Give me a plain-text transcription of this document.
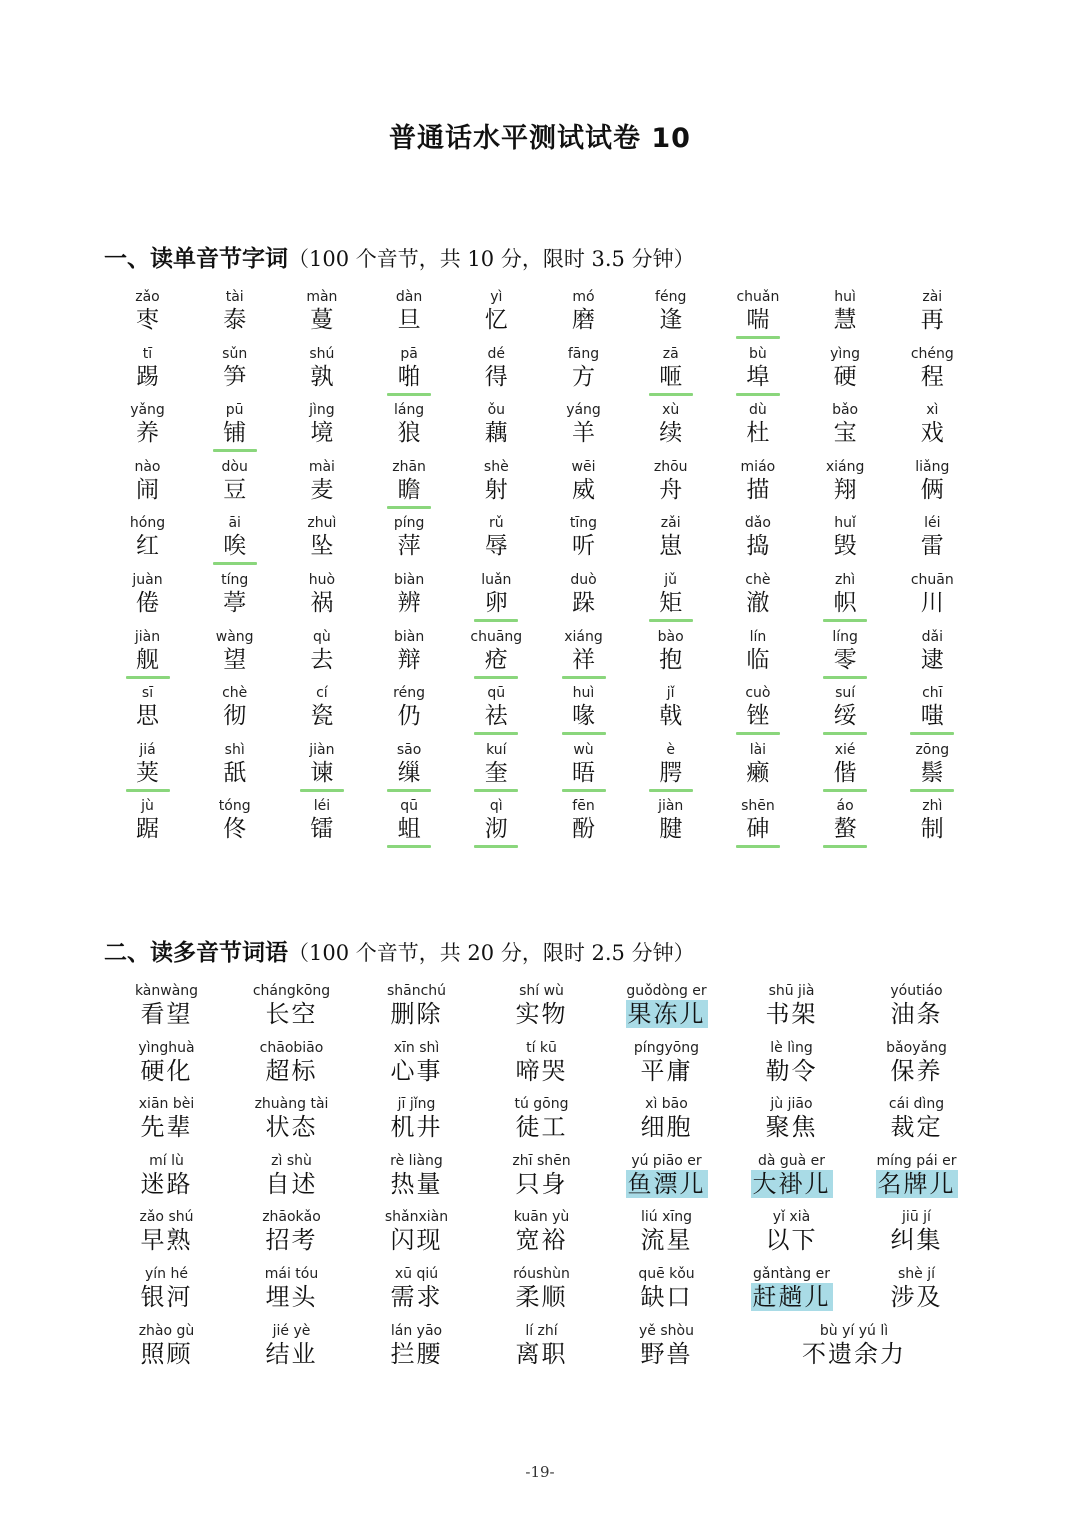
普通话水平测试试卷 10
一、读单音节字词（100 个音节，共 10 分，限时 3.5 分钟）
zǎo
枣
tài
泰
màn
蔓
dàn
旦
yì
忆
mó
磨
féng
逢
chuǎn
喘
huì
慧
zài
再
tī
踢
sǔn
笋
shú
孰
pā
啪
dé
得
fāng
方
zā
咂
bù
埠
yìng
硬
chéng
程
yǎng
养
pū
铺
jìng
境
láng
狼
ǒu
藕
yáng
羊
xù
续
dù
杜
bǎo
宝
xì
戏
nào
闹
dòu
豆
mài
麦
zhān
瞻
shè
射
wēi
威
zhōu
舟
miáo
描
xiáng
翔
liǎng
俩
hóng
红
āi
唉
zhuì
坠
píng
萍
rǔ
辱
tīng
听
zǎi
崽
dǎo
捣
huǐ
毁
léi
雷
juàn
倦
tíng
葶
huò
祸
biàn
辨
luǎn
卵
duò
跺
jǔ
矩
chè
澈
zhì
帜
chuān
川
jiàn
舰
wàng
望
qù
去
biàn
辩
chuāng
疮
xiáng
祥
bào
抱
lín
临
líng
零
dǎi
逮
sī
思
chè
彻
cí
瓷
réng
仍
qū
祛
huì
喙
jǐ
戟
cuò
锉
suí
绥
chī
嗤
jiá
荚
shì
舐
jiàn
谏
sāo
缫
kuí
奎
wù
晤
è
腭
lài
癞
xié
偕
zōng
鬃
jù
踞
tóng
佟
léi
镭
qū
蛆
qì
沏
fēn
酚
jiàn
腱
shēn
砷
áo
螯
zhì
制
二、读多音节词语（100 个音节，共 20 分，限时 2.5 分钟）
kànwàng
看望
chángkōng
长空
shānchú
删除
shí wù
实物
guǒdòng er
果冻儿
shū jià
书架
yóutiáo
油条
yìnghuà
硬化
chāobiāo
超标
xīn shì
心事
tí kū
啼哭
píngyōng
平庸
lè lìng
勒令
bǎoyǎng
保养
xiān bèi
先辈
zhuàng tài
状态
jī jǐng
机井
tú gōng
徒工
xì bāo
细胞
jù jiāo
聚焦
cái dìng
裁定
mí lù
迷路
zì shù
自述
rè liàng
热量
zhī shēn
只身
yú piāo er
鱼漂儿
dà guà er
大褂儿
míng pái er
名牌儿
zǎo shú
早熟
zhāokǎo
招考
shǎnxiàn
闪现
kuān yù
宽裕
liú xīng
流星
yǐ xià
以下
jiū jí
纠集
yín hé
银河
mái tóu
埋头
xū qiú
需求
róushùn
柔顺
quē kǒu
缺口
gǎntàng er
赶趟儿
shè jí
涉及
zhào gù
照顾
jié yè
结业
lán yāo
拦腰
lí zhí
离职
yě shòu
野兽
bù yí yú lì
不遗余力
-19-
